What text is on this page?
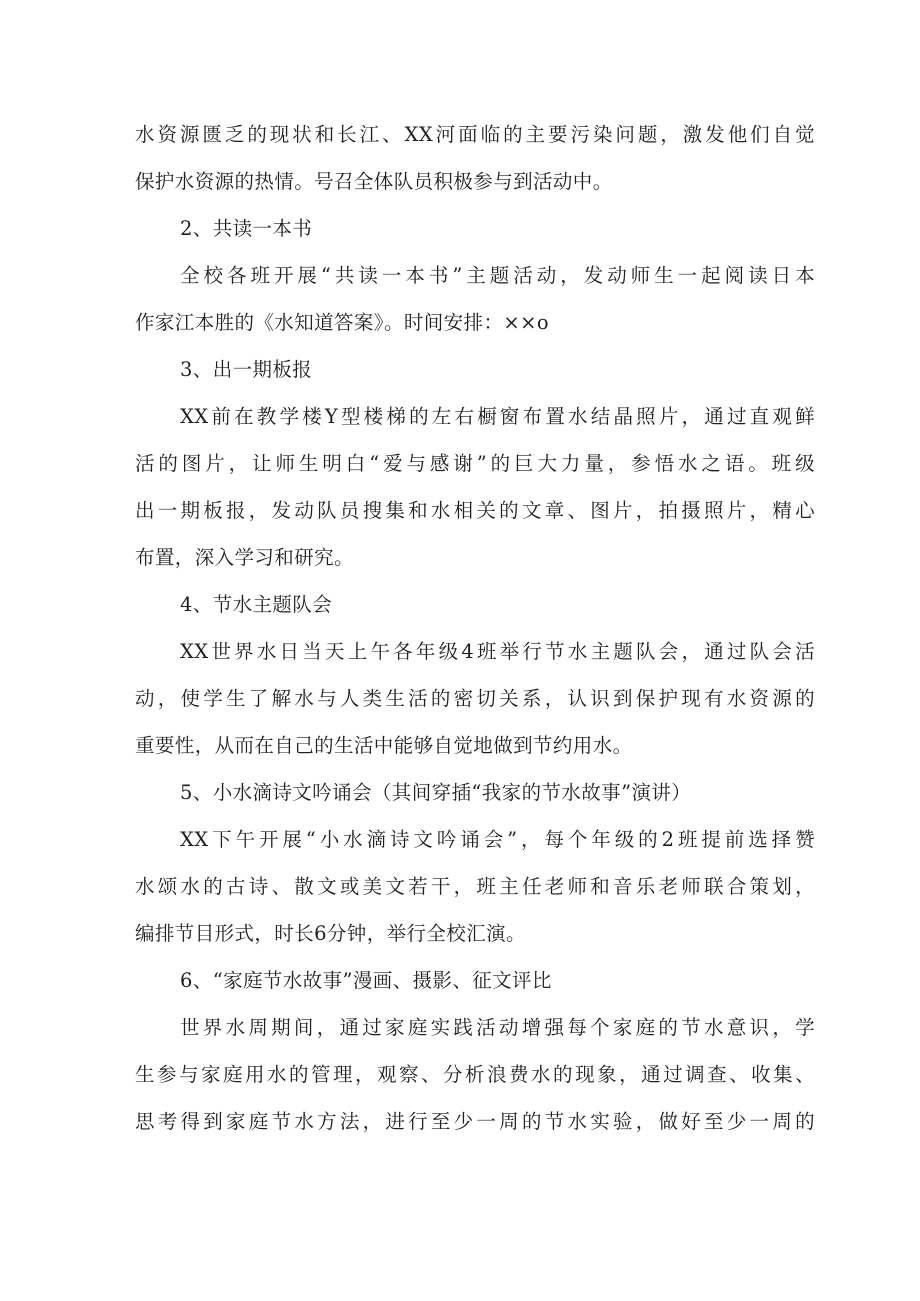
水资源匮乏的现状和长江、XX河面临的主要污染问题，激发他们自觉
保护水资源的热情。号召全体队员积极参与到活动中。
2、共读一本书
全校各班开展“共读一本书”主题活动，发动师生一起阅读日本
作家江本胜的《水知道答案》。时间安排：××o
3、出一期板报
XX前在教学楼Y型楼梯的左右橱窗布置水结晶照片，通过直观鲜
活的图片，让师生明白“爱与感谢”的巨大力量，参悟水之语。班级
出一期板报，发动队员搜集和水相关的文章、图片，拍摄照片，精心
布置，深入学习和研究。
4、节水主题队会
XX世界水日当天上午各年级4班举行节水主题队会，通过队会活
动，使学生了解水与人类生活的密切关系，认识到保护现有水资源的
重要性，从而在自己的生活中能够自觉地做到节约用水。
5、小水滴诗文吟诵会（其间穿插“我家的节水故事”演讲）
XX下午开展“小水滴诗文吟诵会”，每个年级的2班提前选择赞
水颂水的古诗、散文或美文若干，班主任老师和音乐老师联合策划，
编排节目形式，时长6分钟，举行全校汇演。
6、“家庭节水故事”漫画、摄影、征文评比
世界水周期间，通过家庭实践活动增强每个家庭的节水意识，学
生参与家庭用水的管理，观察、分析浪费水的现象，通过调查、收集、
思考得到家庭节水方法，进行至少一周的节水实验，做好至少一周的
